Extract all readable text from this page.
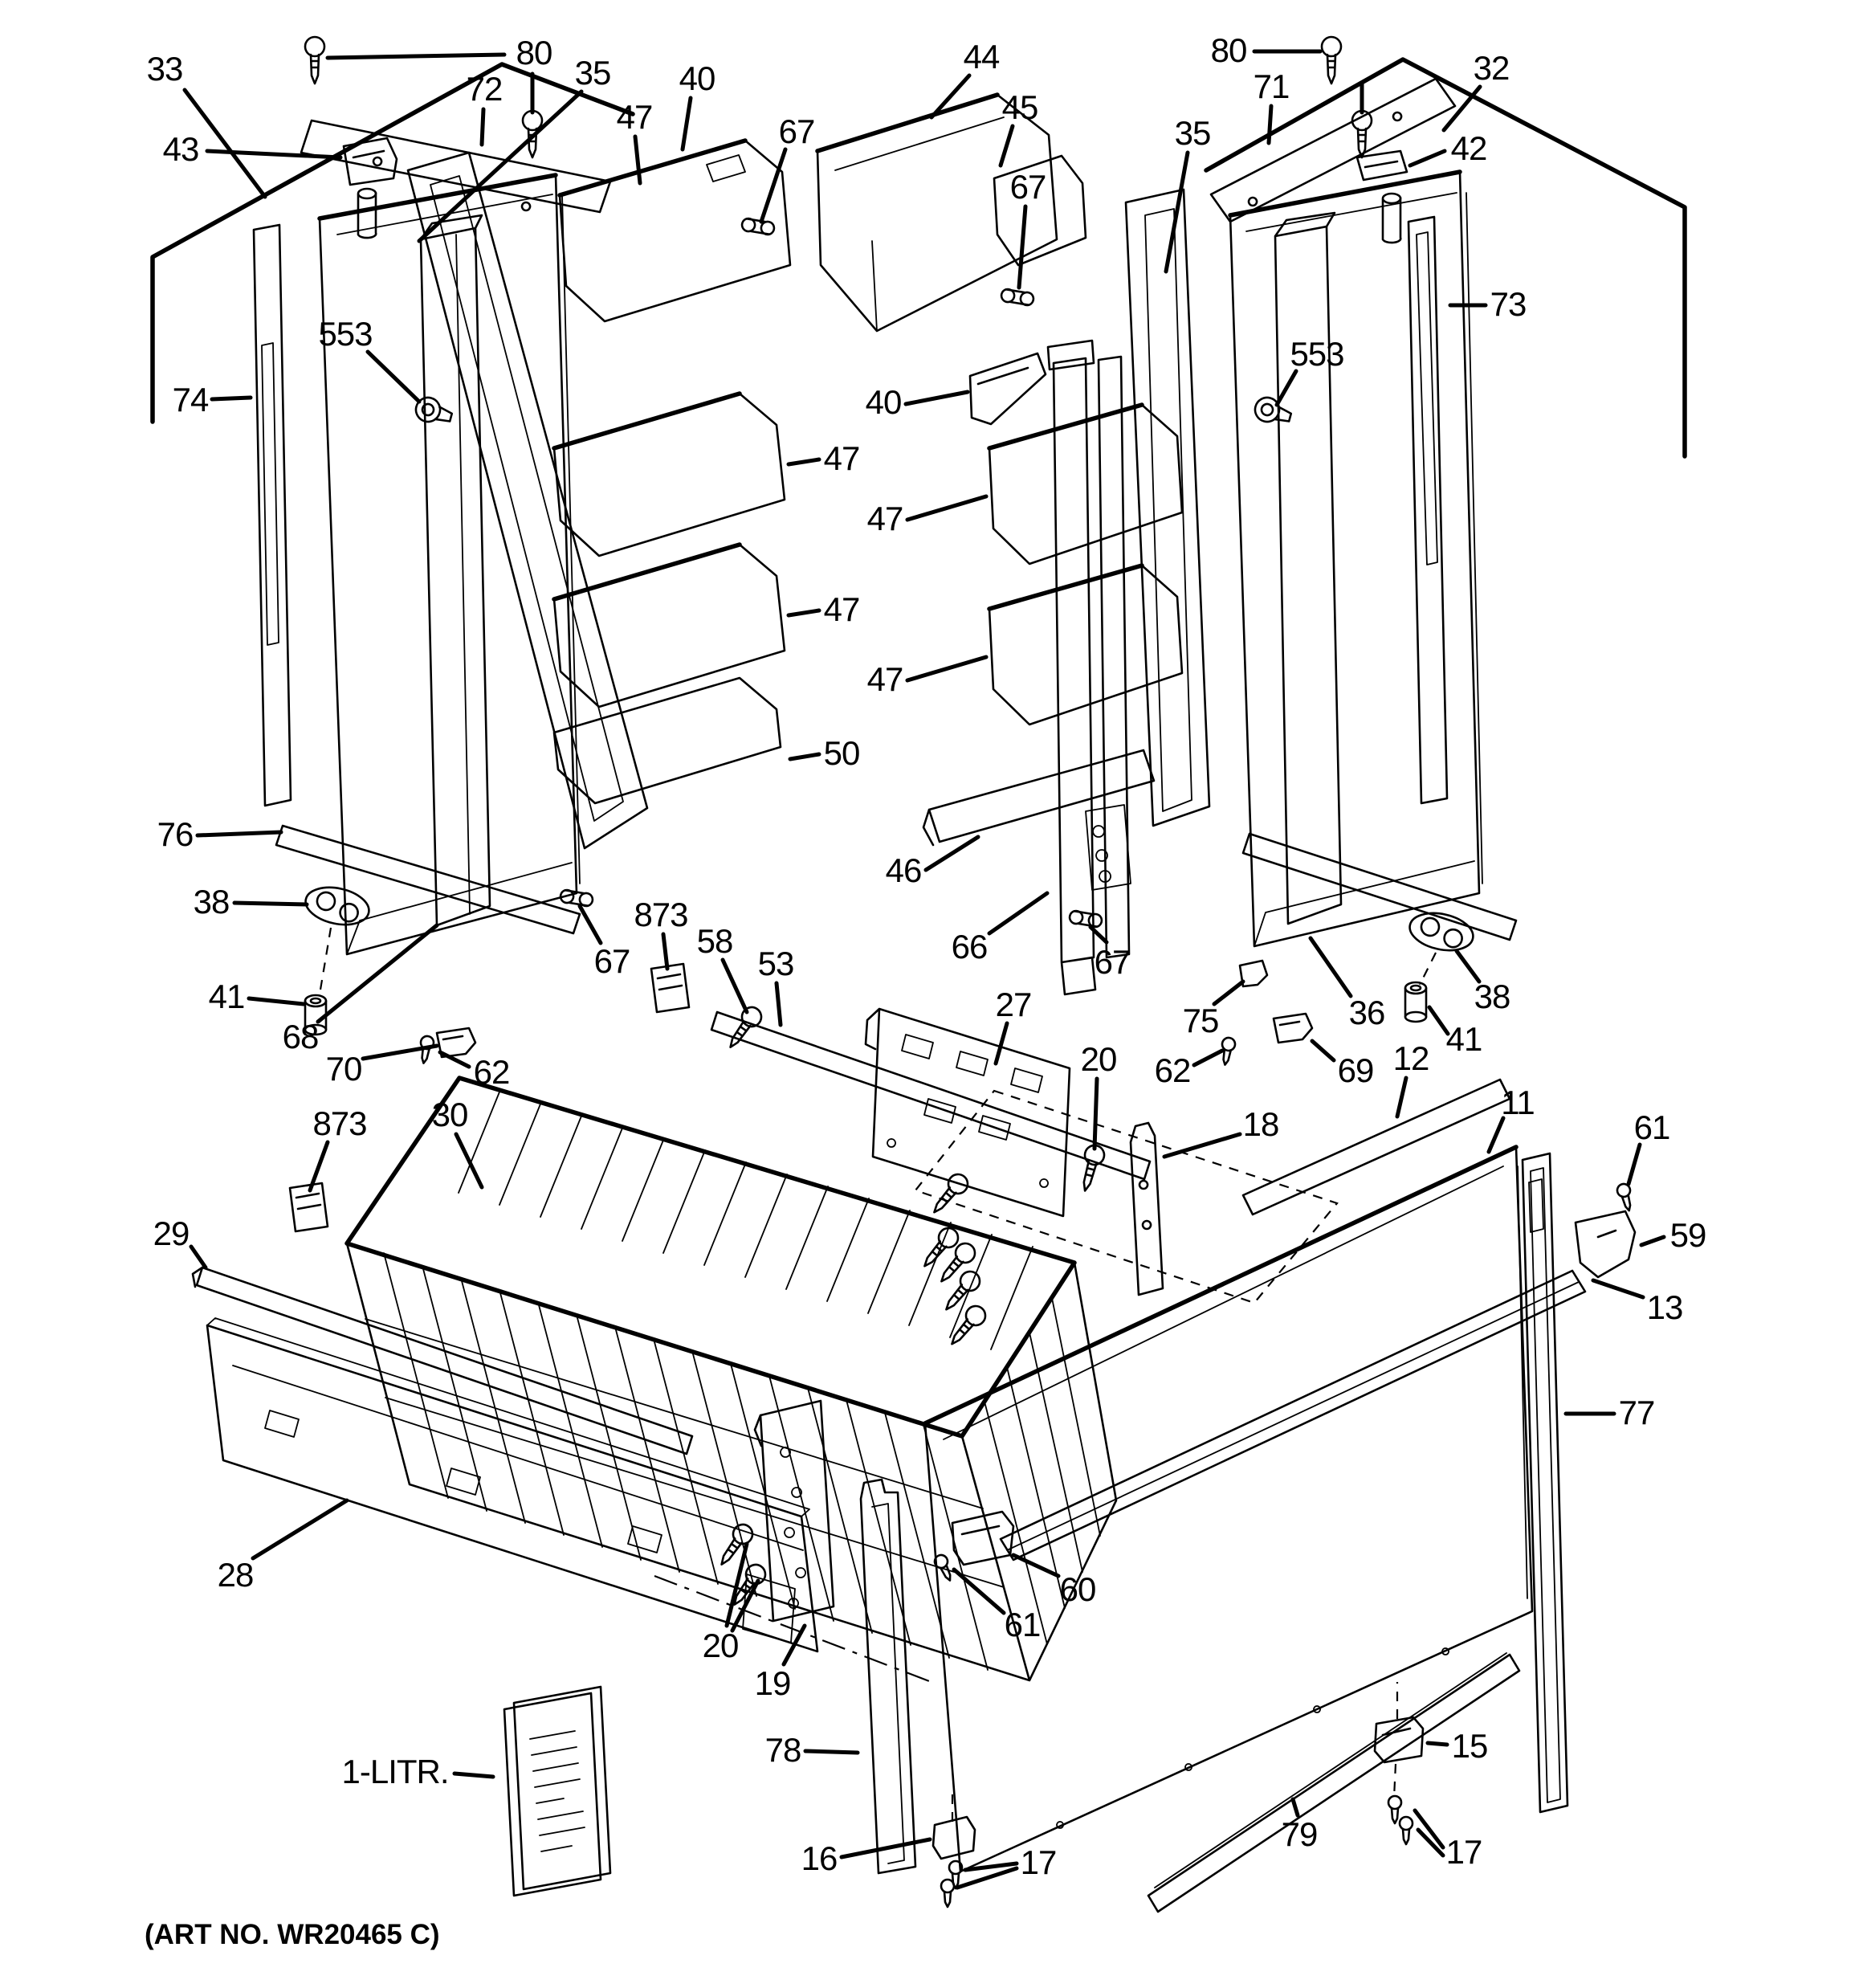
33	80
72 35
47
40
67
43
553
74
44
45
67
35
80
71	32
42
73
553
40
47
47
47
47
50
46
66	67
76
38
41
68
70	62
67
873
58
53
873 30
29
28
27
20
18
12
11
61
59
13
77
75	36
62	69
38
41
60
61
20
19
78
16	17
79
15
17
1-LITR.
(ART NO. WR20465 C)
